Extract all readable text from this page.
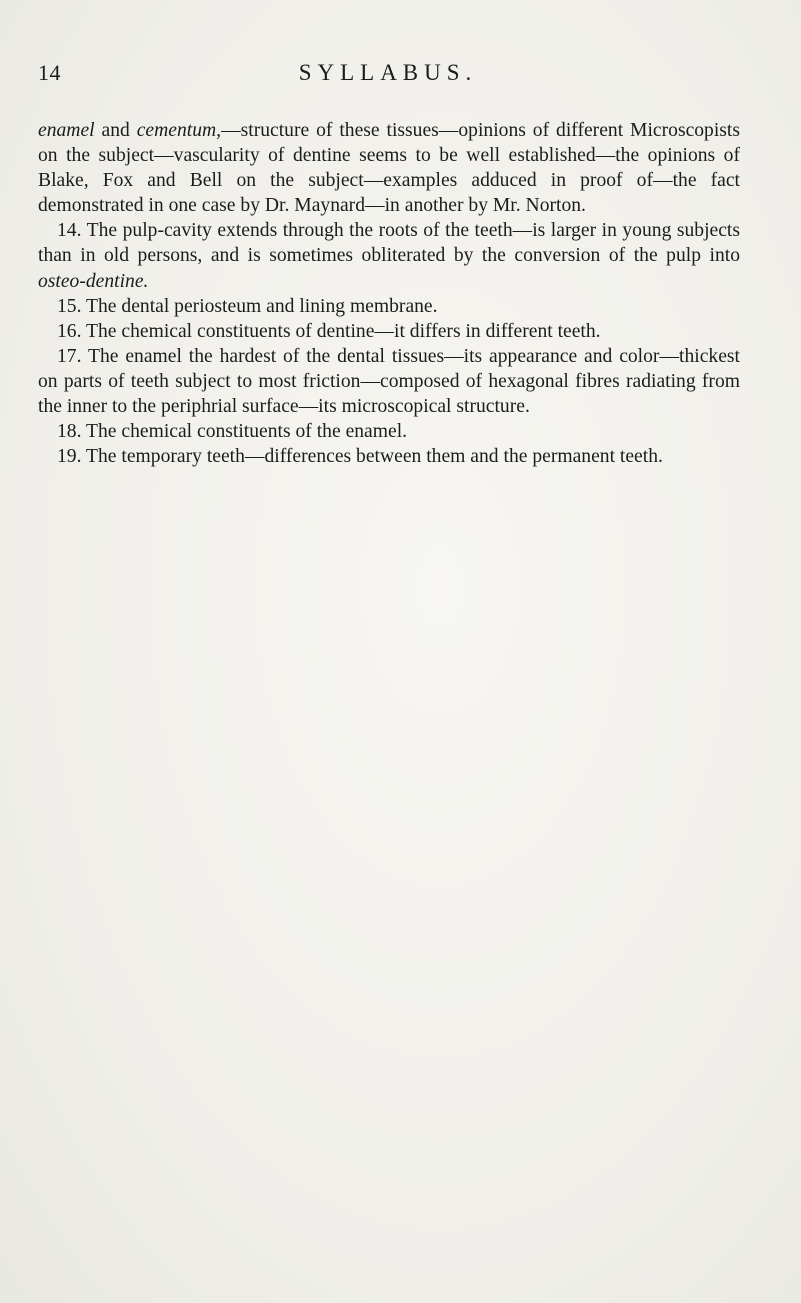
14	SYLLABUS.

enamel and cementum,—structure of these tissues—opinions of different Microscopists on the subject—vascularity of dentine seems to be well established—the opinions of Blake, Fox and Bell on the subject—examples adduced in proof of—the fact demonstrated in one case by Dr. Maynard—in another by Mr. Norton.

14. The pulp-cavity extends through the roots of the teeth—is larger in young subjects than in old persons, and is sometimes obliterated by the conversion of the pulp into osteo-dentine.

15. The dental periosteum and lining membrane.

16. The chemical constituents of dentine—it differs in different teeth.

17. The enamel the hardest of the dental tissues—its appearance and color—thickest on parts of teeth subject to most friction—composed of hexagonal fibres radiating from the inner to the periphrial surface—its microscopical structure.

18. The chemical constituents of the enamel.

19. The temporary teeth—differences between them and the permanent teeth.
